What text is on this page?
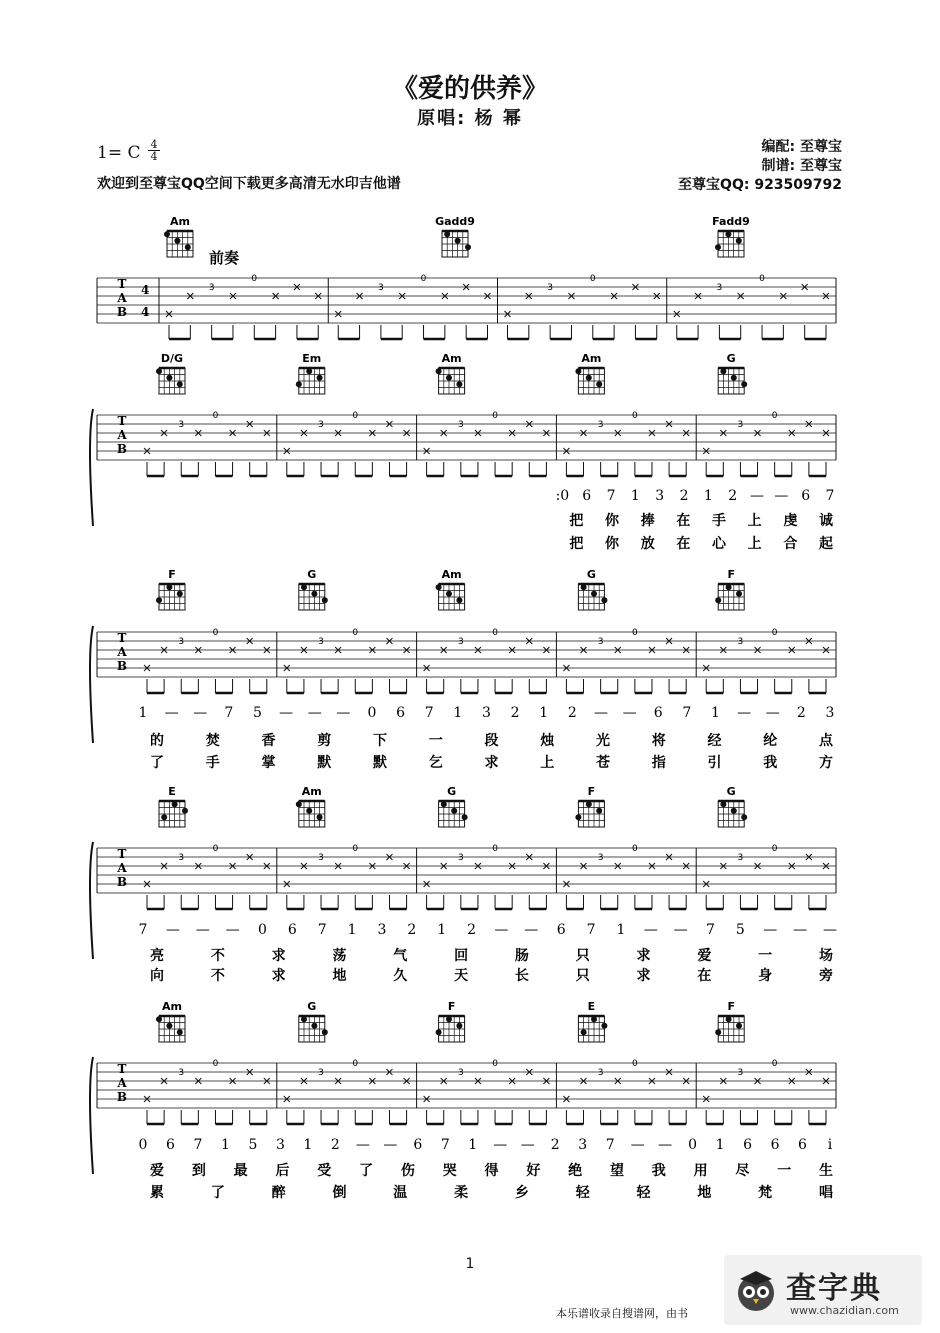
《爱的供养》
原唱: 杨 幂
1= C 4
4
欢迎到至尊宝QQ空间下载更多高清无水印吉他谱
编配: 至尊宝
制谱: 至尊宝
至尊宝QQ: 923509792
T
A
B
4
4
前奏
3
0
3
0
3
0
3
0
Am	Gadd9	Fadd9
T
A
B
3
0
3
0
3
0
3
0
3
0
D/G	Em	Am	Am	G
:0 6 7 1 3 2 1 2 — — 6 7
把 你 捧 在 手 上 虔 诚
把 你 放 在 心 上 合 起
T
A
B
3
0
3
0
3
0
3
0
3
0
F	G	Am	G	F
1 — — 7 5 — — — 0 6 7 1 3 2 1 2 — — 6 7 1 — — 2 3
的	焚	香	剪	下	一	段	烛	光	将	经	纶	点
了	手	掌	默	默	乞	求	上	苍	指	引	我	方
T
A
B
3
0
3
0
3
0
3
0
3
0
E	Am	G	F	G
7 — — — 0 6 7 1 3 2 1 2 — — 6 7 1 — — 7 5 — — —
亮	不	求	荡	气	回	肠	只	求	爱	一	场
向	不	求	地	久	天	长	只	求	在	身	旁
T
A
B
3
0
3
0
3
0
3
0
3
0
Am	G	F	E	F
0 6 7 1 5 3 1 2 — — 6 7 1 — — 2 3 7 — — 0 1 6 6 6 i
爱 到 最 后 受 了 伤 哭 得 好 绝 望 我 用 尽 一 生
累	了	醉	倒	温	柔	乡	轻	轻	地	梵	唱
1
本乐谱收录自搜谱网，由书
查字典
www.chazidian.com
